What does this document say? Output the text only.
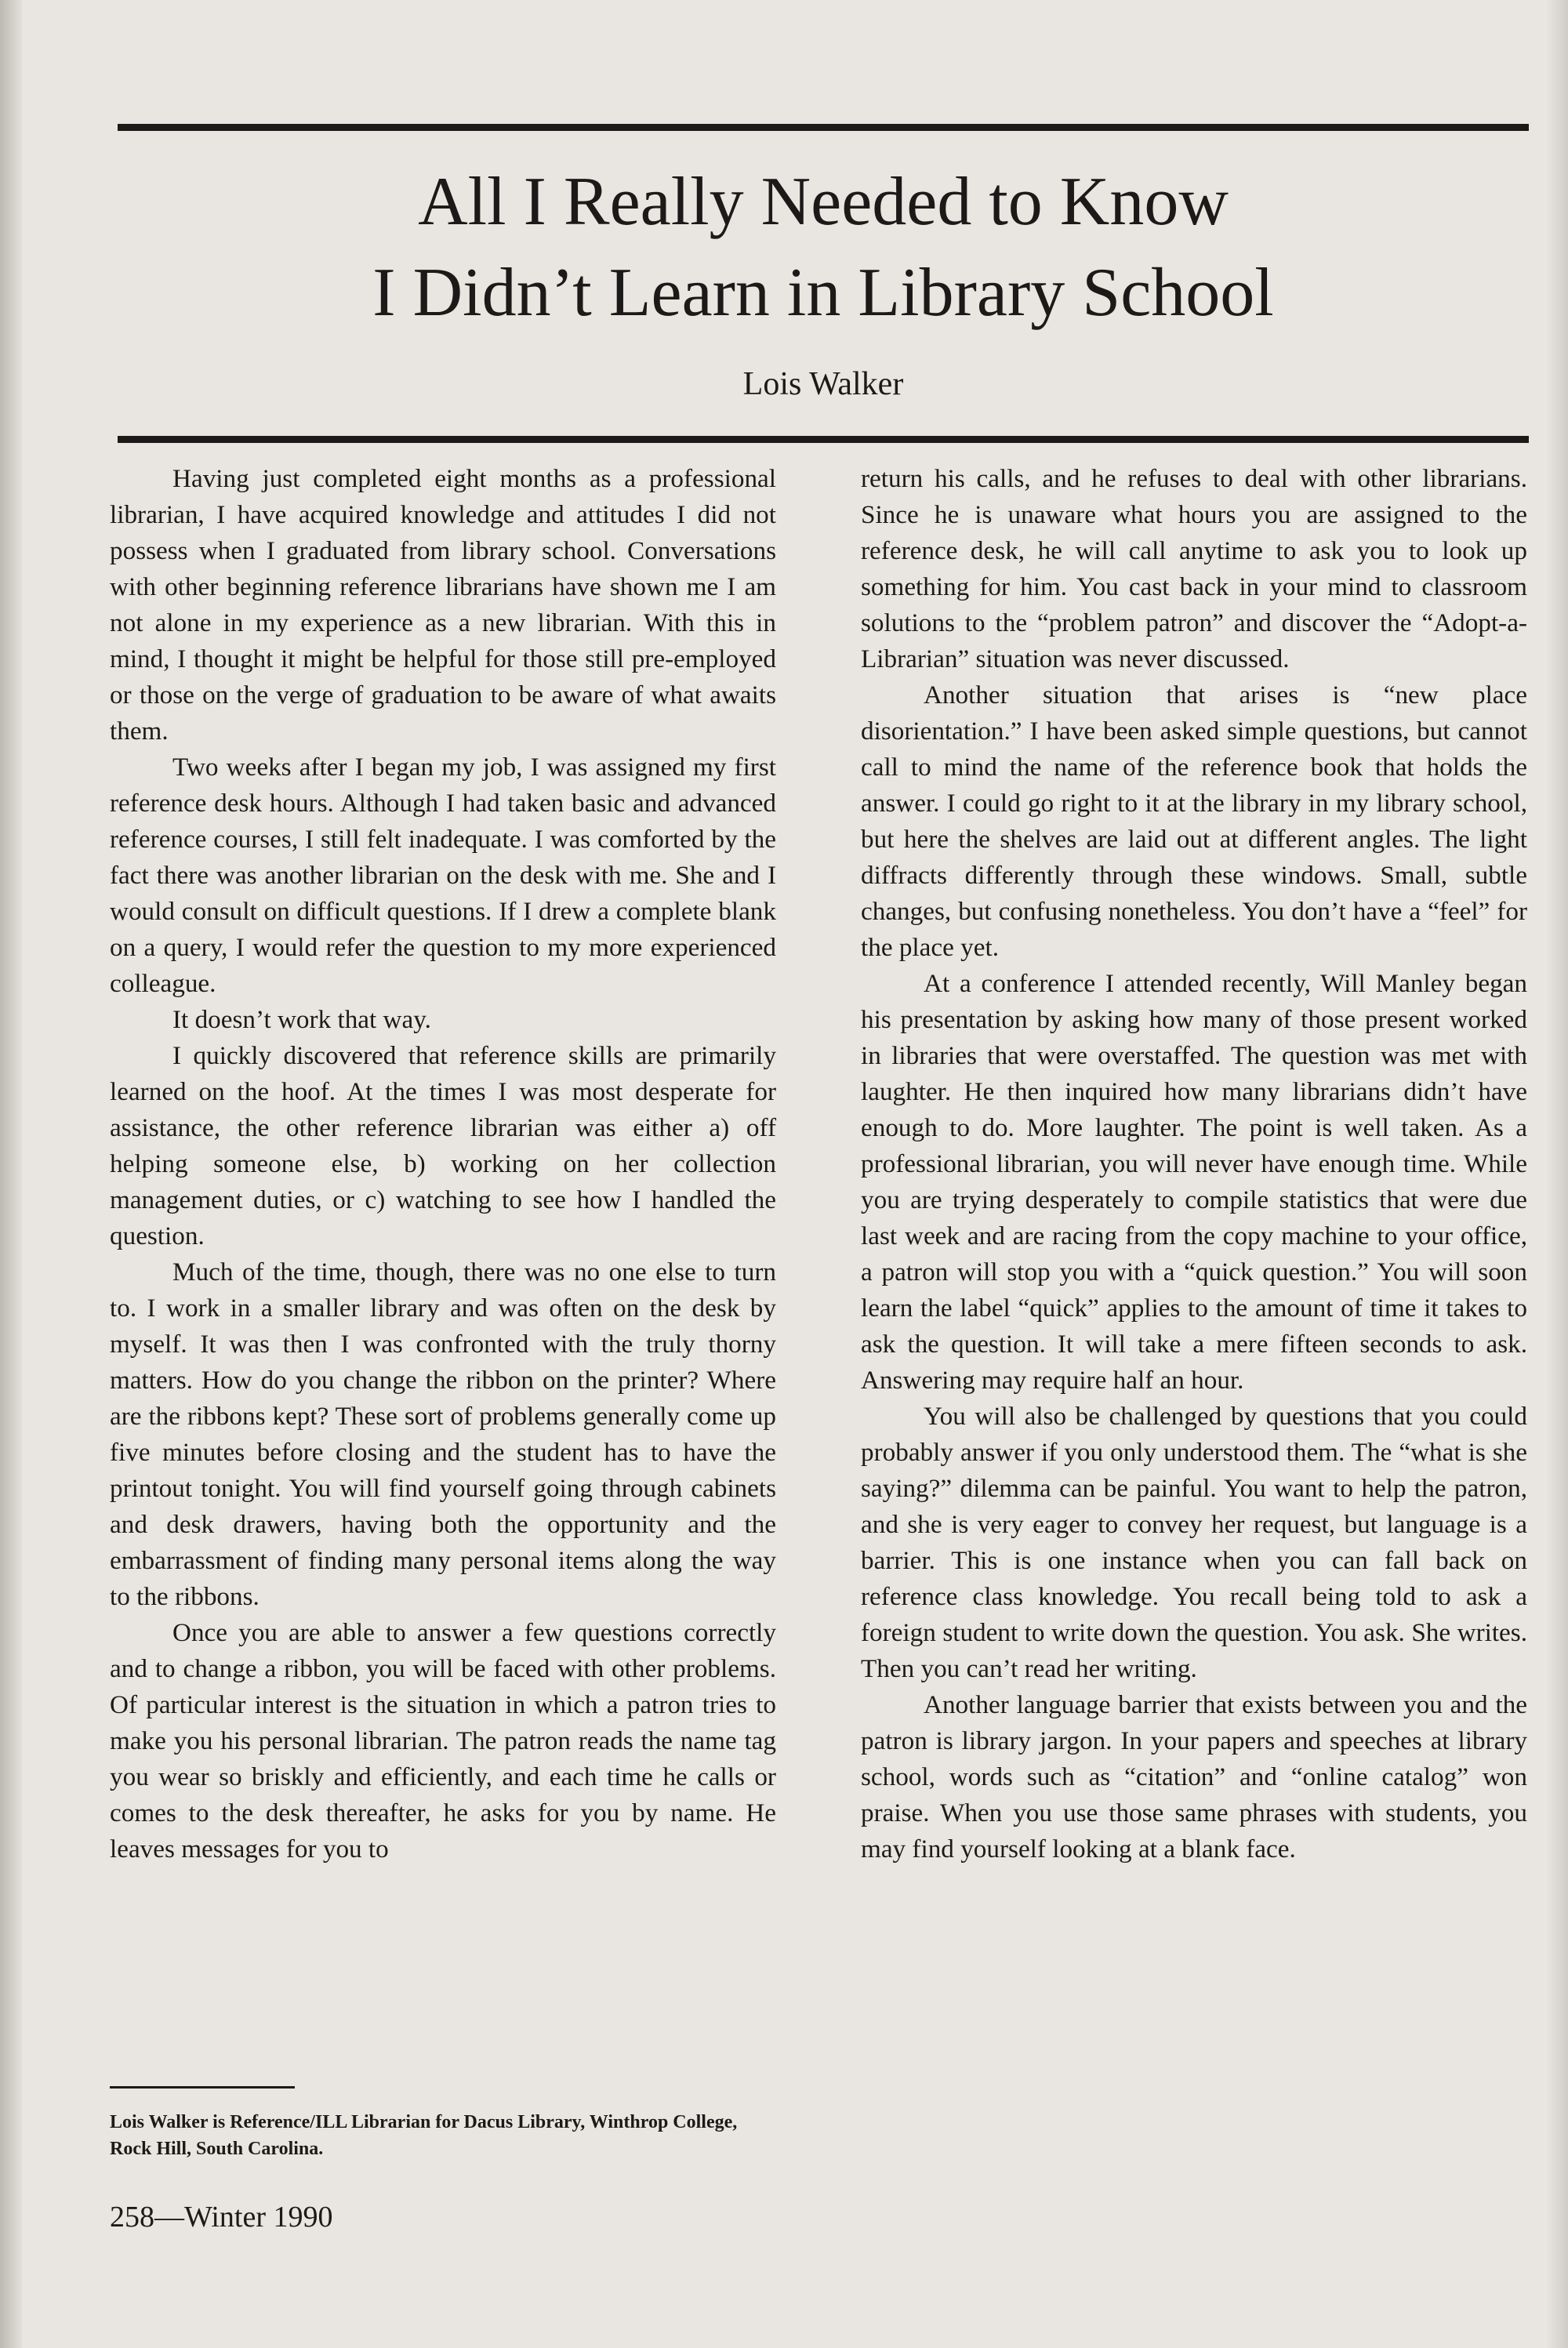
All I Really Needed to Know
I Didn’t Learn in Library School
Lois Walker

Having just completed eight months as a professional librarian, I have acquired knowledge and attitudes I did not possess when I graduated from library school. Conversations with other beginning reference librarians have shown me I am not alone in my experience as a new librarian. With this in mind, I thought it might be helpful for those still pre-employed or those on the verge of graduation to be aware of what awaits them.

Two weeks after I began my job, I was assigned my first reference desk hours. Although I had taken basic and advanced reference courses, I still felt inadequate. I was comforted by the fact there was another librarian on the desk with me. She and I would consult on difficult questions. If I drew a complete blank on a query, I would refer the question to my more experienced colleague.

It doesn’t work that way.

I quickly discovered that reference skills are primarily learned on the hoof. At the times I was most desperate for assistance, the other reference librarian was either a) off helping someone else, b) working on her collection management duties, or c) watching to see how I handled the question.

Much of the time, though, there was no one else to turn to. I work in a smaller library and was often on the desk by myself. It was then I was confronted with the truly thorny matters. How do you change the ribbon on the printer? Where are the ribbons kept? These sort of problems generally come up five minutes before closing and the student has to have the printout tonight. You will find yourself going through cabinets and desk drawers, having both the opportunity and the embarrassment of finding many personal items along the way to the ribbons.

Once you are able to answer a few questions correctly and to change a ribbon, you will be faced with other problems. Of particular interest is the situation in which a patron tries to make you his personal librarian. The patron reads the name tag you wear so briskly and efficiently, and each time he calls or comes to the desk thereafter, he asks for you by name. He leaves messages for you to

return his calls, and he refuses to deal with other librarians. Since he is unaware what hours you are assigned to the reference desk, he will call anytime to ask you to look up something for him. You cast back in your mind to classroom solutions to the “problem patron” and discover the “Adopt-a-Librarian” situation was never discussed.

Another situation that arises is “new place disorientation.” I have been asked simple questions, but cannot call to mind the name of the reference book that holds the answer. I could go right to it at the library in my library school, but here the shelves are laid out at different angles. The light diffracts differently through these windows. Small, subtle changes, but confusing nonetheless. You don’t have a “feel” for the place yet.

At a conference I attended recently, Will Manley began his presentation by asking how many of those present worked in libraries that were overstaffed. The question was met with laughter. He then inquired how many librarians didn’t have enough to do. More laughter. The point is well taken. As a professional librarian, you will never have enough time. While you are trying desperately to compile statistics that were due last week and are racing from the copy machine to your office, a patron will stop you with a “quick question.” You will soon learn the label “quick” applies to the amount of time it takes to ask the question. It will take a mere fifteen seconds to ask. Answering may require half an hour.

You will also be challenged by questions that you could probably answer if you only understood them. The “what is she saying?” dilemma can be painful. You want to help the patron, and she is very eager to convey her request, but language is a barrier. This is one instance when you can fall back on reference class knowledge. You recall being told to ask a foreign student to write down the question. You ask. She writes. Then you can’t read her writing.

Another language barrier that exists between you and the patron is library jargon. In your papers and speeches at library school, words such as “citation” and “online catalog” won praise. When you use those same phrases with students, you may find yourself looking at a blank face.

Lois Walker is Reference/ILL Librarian for Dacus Library, Winthrop College, Rock Hill, South Carolina.
258—Winter 1990
